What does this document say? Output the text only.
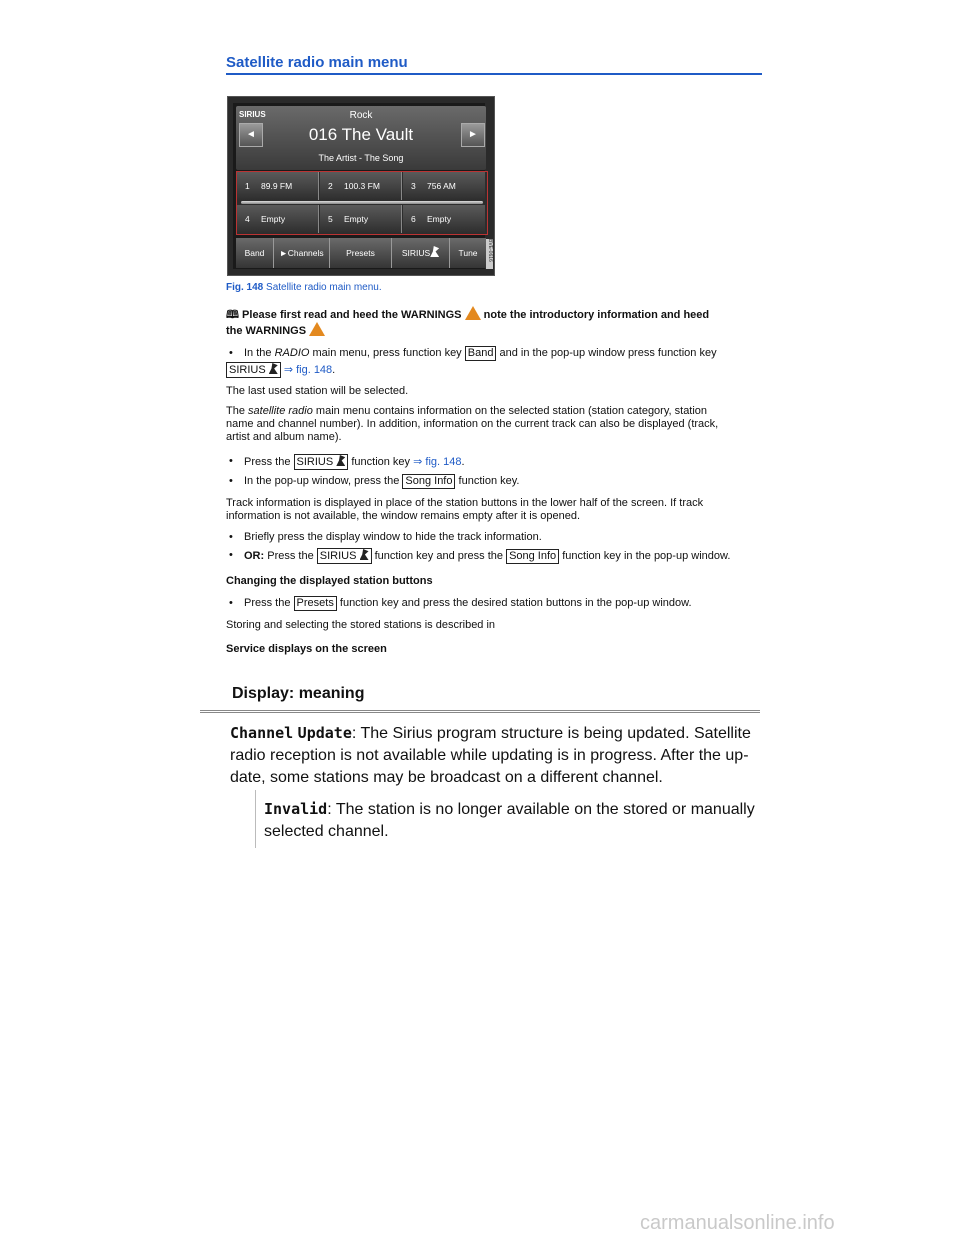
Satellite radio main menu
SIRIUS	Rock
◄	016 The Vault	►
The Artist - The Song
1 89.9 FM	2 100.3 FM	3 756 AM
4 Empty	5 Empty	6 Empty
Band	►Channels	Presets	SIRIUS	Tune	BVE-0616
Fig. 148 Satellite radio main menu.
🕮 Please first read and heed the WARNINGS note the introductory information and heed
the WARNINGS
• In the RADIO main menu, press function key Band and in the pop-up window press function key
SIRIUS ⇒ fig. 148.
The last used station will be selected.
The satellite radio main menu contains information on the selected station (station category, station
name and channel number). In addition, information on the current track can also be displayed (track,
artist and album name).
• Press the SIRIUS function key ⇒ fig. 148.
• In the pop-up window, press the Song Info function key.
Track information is displayed in place of the station buttons in the lower half of the screen. If track
information is not available, the window remains empty after it is opened.
• Briefly press the display window to hide the track information.
• OR: Press the SIRIUS function key and press the Song Info function key in the pop-up window.
Changing the displayed station buttons
• Press the Presets function key and press the desired station buttons in the pop-up window.
Storing and selecting the stored stations is described in
Service displays on the screen
Display: meaning
Channel Update: The Sirius program structure is being updated. Satellite radio reception is not available while updating is in progress. After the up-date, some stations may be broadcast on a different channel.
Invalid: The station is no longer available on the stored or manually selected channel.
carmanualsonline.info
